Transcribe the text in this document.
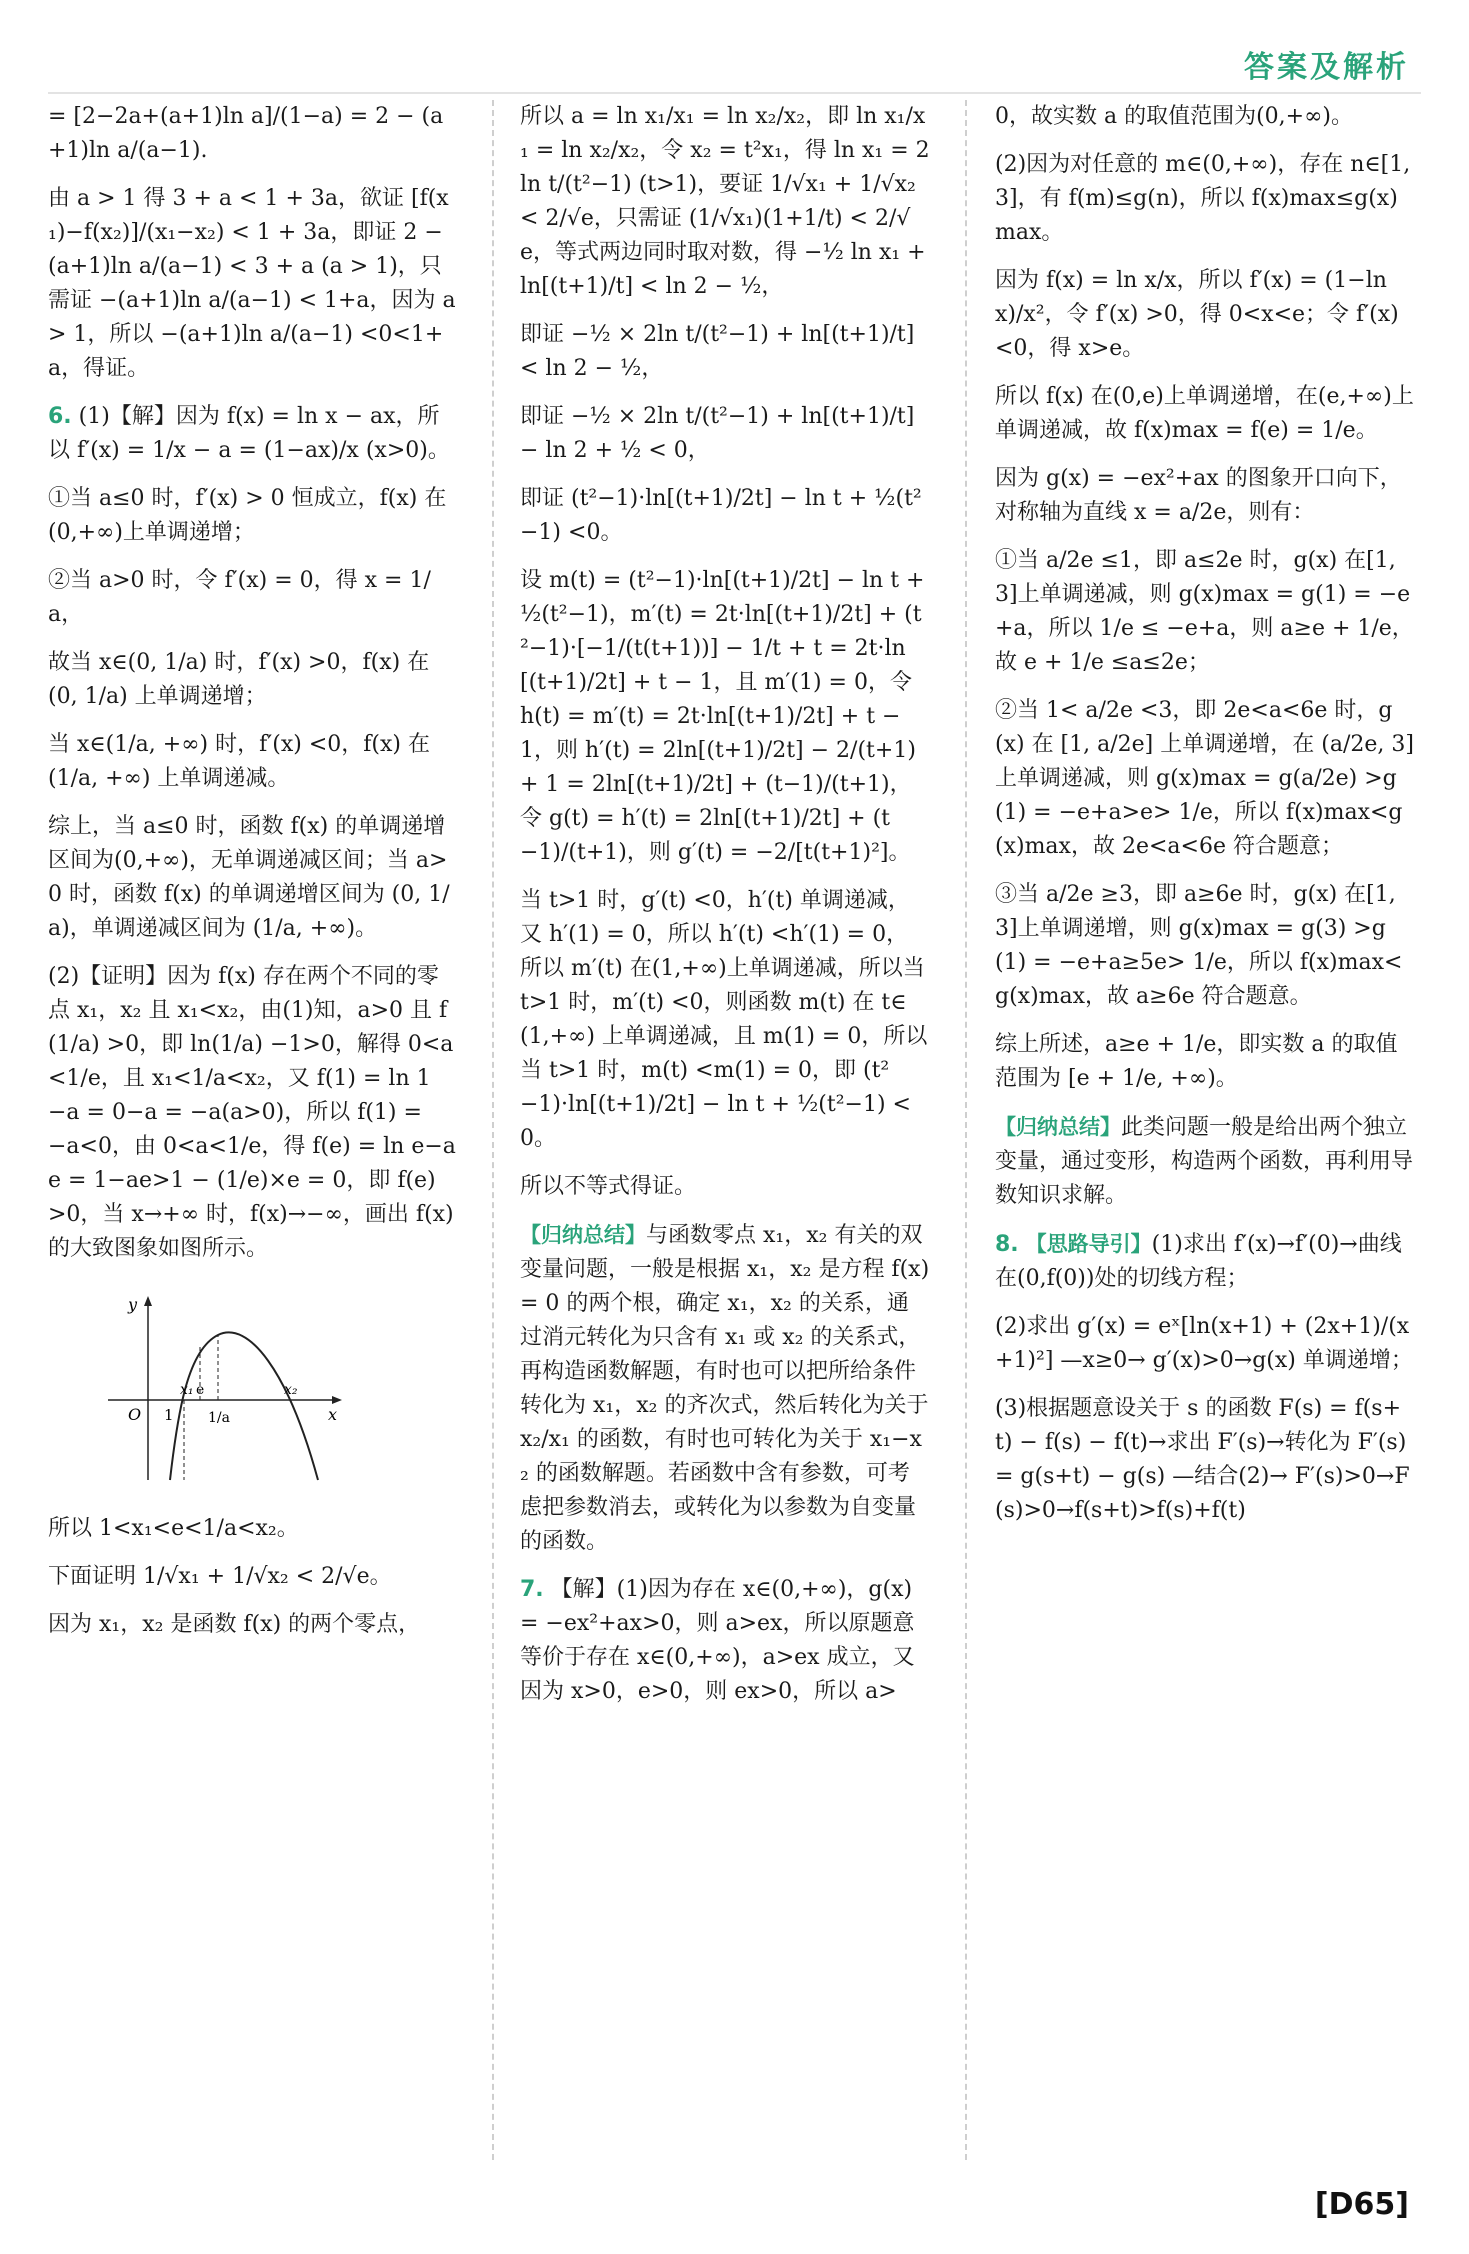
答案及解析

= [2−2a+(a+1)ln a]/(1−a) = 2 − (a+1)ln a/(a−1).

由 a > 1 得 3 + a < 1 + 3a，欲证 [f(x₁)−f(x₂)]/(x₁−x₂) < 1 + 3a，即证 2 − (a+1)ln a/(a−1) < 3 + a (a > 1)，只需证 −(a+1)ln a/(a−1) < 1+a，因为 a > 1，所以 −(a+1)ln a/(a−1) <0<1+a，得证。

6. (1)【解】因为 f(x) = ln x − ax，所以 f′(x) = 1/x − a = (1−ax)/x (x>0)。

①当 a≤0 时，f′(x) > 0 恒成立，f(x) 在(0,+∞)上单调递增；

②当 a>0 时，令 f′(x) = 0，得 x = 1/a，

故当 x∈(0, 1/a) 时，f′(x) >0，f(x) 在 (0, 1/a) 上单调递增；

当 x∈(1/a, +∞) 时，f′(x) <0，f(x) 在 (1/a, +∞) 上单调递减。

综上，当 a≤0 时，函数 f(x) 的单调递增区间为(0,+∞)，无单调递减区间；当 a>0 时，函数 f(x) 的单调递增区间为 (0, 1/a)，单调递减区间为 (1/a, +∞)。

(2)【证明】因为 f(x) 存在两个不同的零点 x₁，x₂ 且 x₁<x₂，由(1)知，a>0 且 f(1/a) >0，即 ln(1/a) −1>0，解得 0<a<1/e，且 x₁<1/a<x₂，又 f(1) = ln 1−a = 0−a = −a(a>0)，所以 f(1) = −a<0，由 0<a<1/e，得 f(e) = ln e−ae = 1−ae>1 − (1/e)×e = 0，即 f(e) >0，当 x→+∞ 时，f(x)→−∞，画出 f(x) 的大致图象如图所示。

y
x
O 1
x₁ e
1/a
x₂

所以 1<x₁<e<1/a<x₂。

下面证明 1/√x₁ + 1/√x₂ < 2/√e。

因为 x₁，x₂ 是函数 f(x) 的两个零点，

所以 a = ln x₁/x₁ = ln x₂/x₂，即 ln x₁/x₁ = ln x₂/x₂，令 x₂ = t²x₁，得 ln x₁ = 2ln t/(t²−1) (t>1)，要证 1/√x₁ + 1/√x₂ < 2/√e，只需证 (1/√x₁)(1+1/t) < 2/√e，等式两边同时取对数，得 −½ ln x₁ + ln[(t+1)/t] < ln 2 − ½，

即证 −½ × 2ln t/(t²−1) + ln[(t+1)/t] < ln 2 − ½，

即证 −½ × 2ln t/(t²−1) + ln[(t+1)/t] − ln 2 + ½ < 0，

即证 (t²−1)·ln[(t+1)/2t] − ln t + ½(t²−1) <0。

设 m(t) = (t²−1)·ln[(t+1)/2t] − ln t + ½(t²−1)，m′(t) = 2t·ln[(t+1)/2t] + (t²−1)·[−1/(t(t+1))] − 1/t + t = 2t·ln[(t+1)/2t] + t − 1，且 m′(1) = 0，令 h(t) = m′(t) = 2t·ln[(t+1)/2t] + t − 1，则 h′(t) = 2ln[(t+1)/2t] − 2/(t+1) + 1 = 2ln[(t+1)/2t] + (t−1)/(t+1)，令 g(t) = h′(t) = 2ln[(t+1)/2t] + (t−1)/(t+1)，则 g′(t) = −2/[t(t+1)²]。

当 t>1 时，g′(t) <0，h′(t) 单调递减，又 h′(1) = 0，所以 h′(t) <h′(1) = 0，所以 m′(t) 在(1,+∞)上单调递减，所以当 t>1 时，m′(t) <0，则函数 m(t) 在 t∈(1,+∞) 上单调递减，且 m(1) = 0，所以当 t>1 时，m(t) <m(1) = 0，即 (t²−1)·ln[(t+1)/2t] − ln t + ½(t²−1) < 0。

所以不等式得证。

【归纳总结】与函数零点 x₁，x₂ 有关的双变量问题，一般是根据 x₁，x₂ 是方程 f(x) = 0 的两个根，确定 x₁，x₂ 的关系，通过消元转化为只含有 x₁ 或 x₂ 的关系式，再构造函数解题，有时也可以把所给条件转化为 x₁，x₂ 的齐次式，然后转化为关于 x₂/x₁ 的函数，有时也可转化为关于 x₁−x₂ 的函数解题。若函数中含有参数，可考虑把参数消去，或转化为以参数为自变量的函数。

7. 【解】(1)因为存在 x∈(0,+∞)，g(x) = −ex²+ax>0，则 a>ex，所以原题意等价于存在 x∈(0,+∞)，a>ex 成立，又因为 x>0，e>0，则 ex>0，所以 a>

0，故实数 a 的取值范围为(0,+∞)。

(2)因为对任意的 m∈(0,+∞)，存在 n∈[1,3]，有 f(m)≤g(n)，所以 f(x)max≤g(x)max。

因为 f(x) = ln x/x，所以 f′(x) = (1−ln x)/x²，令 f′(x) >0，得 0<x<e；令 f′(x) <0，得 x>e。

所以 f(x) 在(0,e)上单调递增，在(e,+∞)上单调递减，故 f(x)max = f(e) = 1/e。

因为 g(x) = −ex²+ax 的图象开口向下，对称轴为直线 x = a/2e，则有：

①当 a/2e ≤1，即 a≤2e 时，g(x) 在[1,3]上单调递减，则 g(x)max = g(1) = −e+a，所以 1/e ≤ −e+a，则 a≥e + 1/e，故 e + 1/e ≤a≤2e；

②当 1< a/2e <3，即 2e<a<6e 时，g(x) 在 [1, a/2e] 上单调递增，在 (a/2e, 3] 上单调递减，则 g(x)max = g(a/2e) >g(1) = −e+a>e> 1/e，所以 f(x)max<g(x)max，故 2e<a<6e 符合题意；

③当 a/2e ≥3，即 a≥6e 时，g(x) 在[1,3]上单调递增，则 g(x)max = g(3) >g(1) = −e+a≥5e> 1/e，所以 f(x)max<g(x)max，故 a≥6e 符合题意。

综上所述，a≥e + 1/e，即实数 a 的取值范围为 [e + 1/e, +∞)。

【归纳总结】此类问题一般是给出两个独立变量，通过变形，构造两个函数，再利用导数知识求解。

8. 【思路导引】(1)求出 f′(x)→f′(0)→曲线在(0,f(0))处的切线方程；

(2)求出 g′(x) = eˣ[ln(x+1) + (2x+1)/(x+1)²] —x≥0→ g′(x)>0→g(x) 单调递增；

(3)根据题意设关于 s 的函数 F(s) = f(s+t) − f(s) − f(t)→求出 F′(s)→转化为 F′(s) = g(s+t) − g(s) —结合(2)→ F′(s)>0→F(s)>0→f(s+t)>f(s)+f(t)

[D65]
